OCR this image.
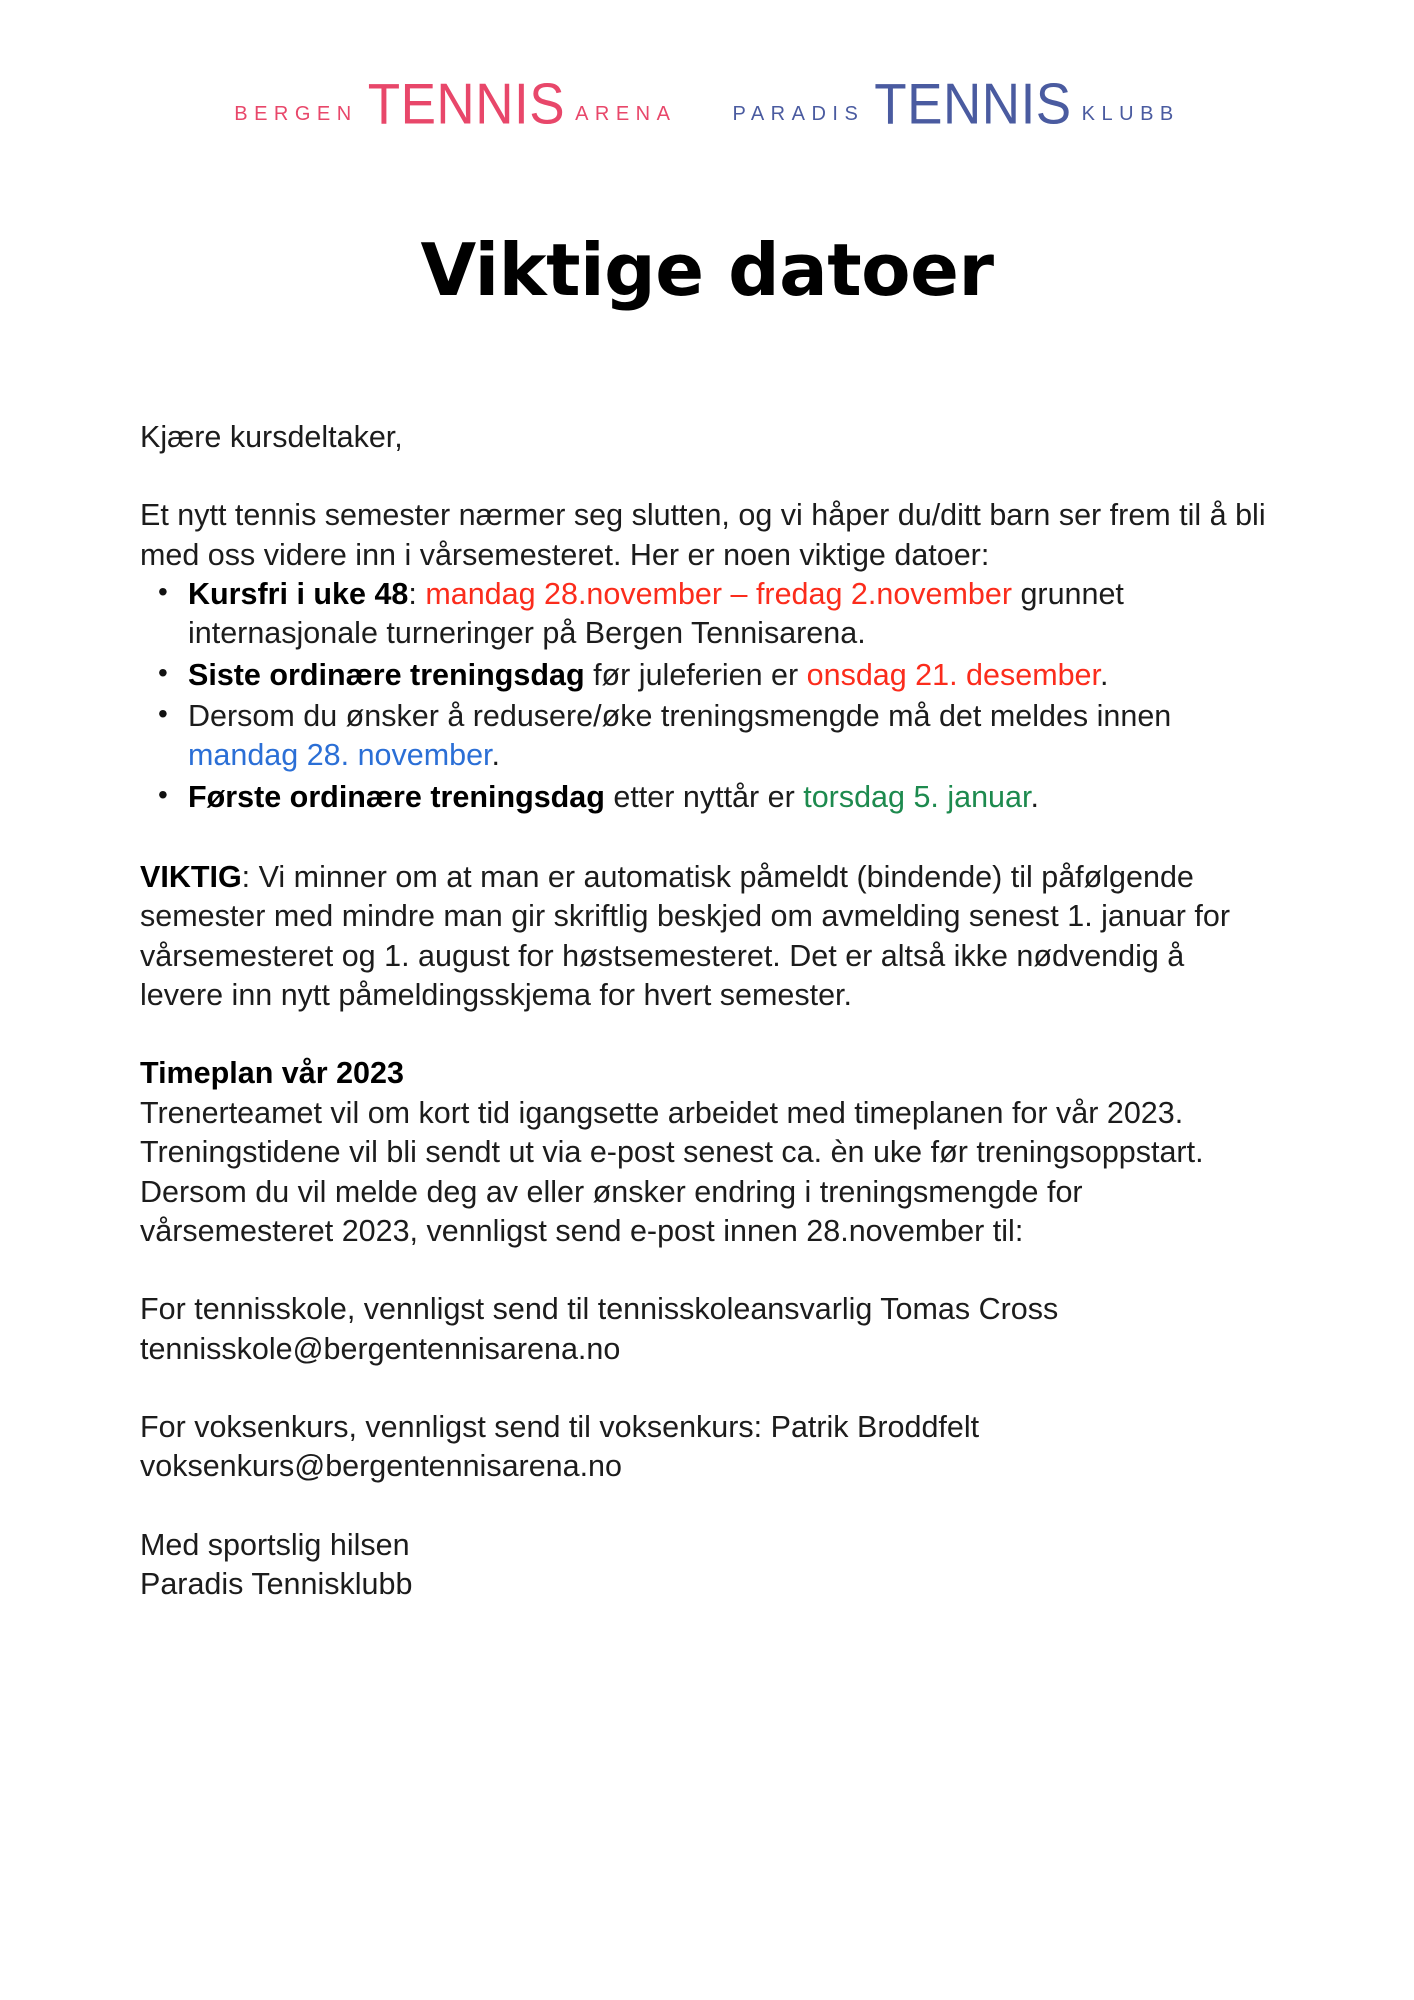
BERGEN TENNIS ARENA	PARADIS TENNIS KLUBB
Viktige datoer

Kjære kursdeltaker,

Et nytt tennis semester nærmer seg slutten, og vi håper du/ditt barn ser frem til å bli med oss videre inn i vårsemesteret. Her er noen viktige datoer:

• Kursfri i uke 48: mandag 28.november – fredag 2.november grunnet internasjonale turneringer på Bergen Tennisarena.
• Siste ordinære treningsdag før juleferien er onsdag 21. desember.
• Dersom du ønsker å redusere/øke treningsmengde må det meldes innen mandag 28. november.
• Første ordinære treningsdag etter nyttår er torsdag 5. januar.

VIKTIG: Vi minner om at man er automatisk påmeldt (bindende) til påfølgende semester med mindre man gir skriftlig beskjed om avmelding senest 1. januar for vårsemesteret og 1. august for høstsemesteret. Det er altså ikke nødvendig å levere inn nytt påmeldingsskjema for hvert semester.

Timeplan vår 2023

Trenerteamet vil om kort tid igangsette arbeidet med timeplanen for vår 2023. Treningstidene vil bli sendt ut via e-post senest ca. èn uke før treningsoppstart.

Dersom du vil melde deg av eller ønsker endring i treningsmengde for vårsemesteret 2023, vennligst send e-post innen 28.november til:

For tennisskole, vennligst send til tennisskoleansvarlig Tomas Cross

tennisskole@bergentennisarena.no

For voksenkurs, vennligst send til voksenkurs: Patrik Broddfelt

voksenkurs@bergentennisarena.no

Med sportslig hilsen

Paradis Tennisklubb
